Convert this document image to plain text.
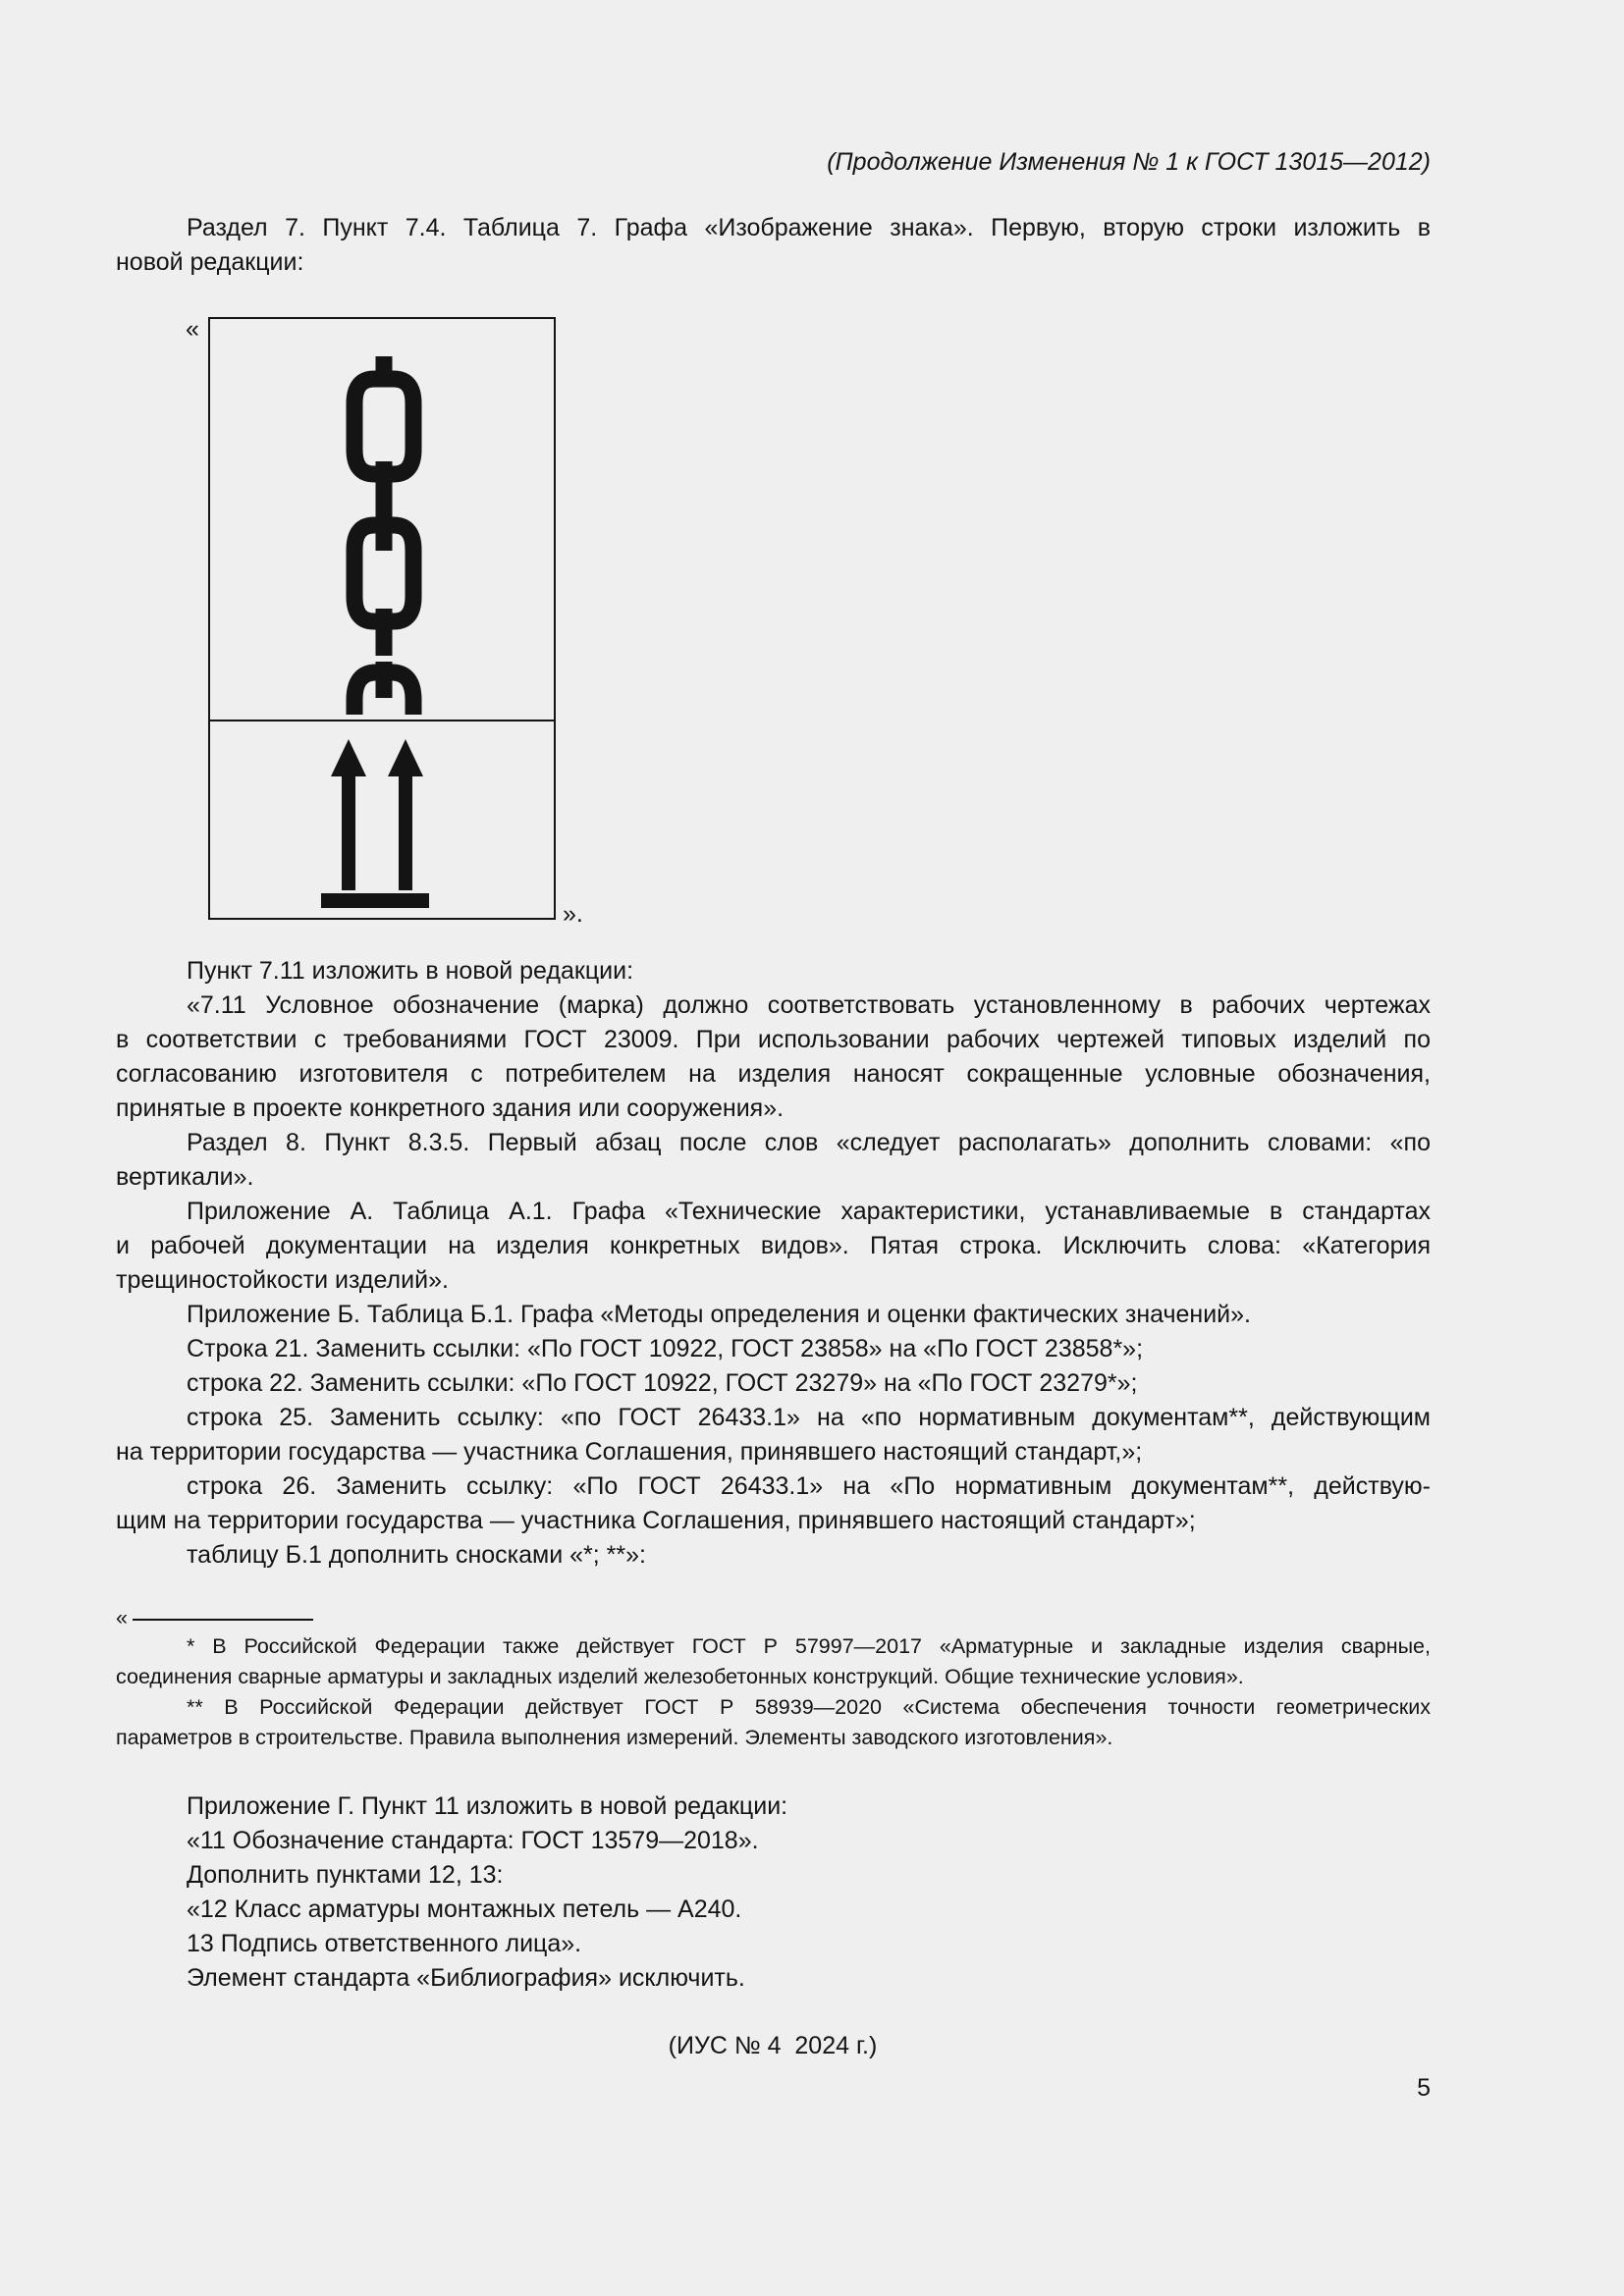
(Продолжение Изменения № 1 к ГОСТ 13015—2012)
Раздел 7. Пункт 7.4. Таблица 7. Графа «Изображение знака». Первую, вторую строки изложить в
новой редакции:
«
».
Пункт 7.11 изложить в новой редакции:
«7.11 Условное обозначение (марка) должно соответствовать установленному в рабочих чертежах
в соответствии с требованиями ГОСТ 23009. При использовании рабочих чертежей типовых изделий по
согласованию изготовителя с потребителем на изделия наносят сокращенные условные обозначения,
принятые в проекте конкретного здания или сооружения».
Раздел 8. Пункт 8.3.5. Первый абзац после слов «следует располагать» дополнить словами: «по
вертикали».
Приложение А. Таблица А.1. Графа «Технические характеристики, устанавливаемые в стандартах
и рабочей документации на изделия конкретных видов». Пятая строка. Исключить слова: «Категория
трещиностойкости изделий».
Приложение Б. Таблица Б.1. Графа «Методы определения и оценки фактических значений».
Строка 21. Заменить ссылки: «По ГОСТ 10922, ГОСТ 23858» на «По ГОСТ 23858*»;
строка 22. Заменить ссылки: «По ГОСТ 10922, ГОСТ 23279» на «По ГОСТ 23279*»;
строка 25. Заменить ссылку: «по ГОСТ 26433.1» на «по нормативным документам**, действующим
на территории государства — участника Соглашения, принявшего настоящий стандарт,»;
строка 26. Заменить ссылку: «По ГОСТ 26433.1» на «По нормативным документам**, действую-
щим на территории государства — участника Соглашения, принявшего настоящий стандарт»;
таблицу Б.1 дополнить сносками «*; **»:
«
* В Российской Федерации также действует ГОСТ Р 57997—2017 «Арматурные и закладные изделия сварные,
соединения сварные арматуры и закладных изделий железобетонных конструкций. Общие технические условия».
** В Российской Федерации действует ГОСТ Р 58939—2020 «Система обеспечения точности геометрических
параметров в строительстве. Правила выполнения измерений. Элементы заводского изготовления».
Приложение Г. Пункт 11 изложить в новой редакции:
«11 Обозначение стандарта: ГОСТ 13579—2018».
Дополнить пунктами 12, 13:
«12 Класс арматуры монтажных петель — А240.
13 Подпись ответственного лица».
Элемент стандарта «Библиография» исключить.
(ИУС № 4  2024 г.)
5
